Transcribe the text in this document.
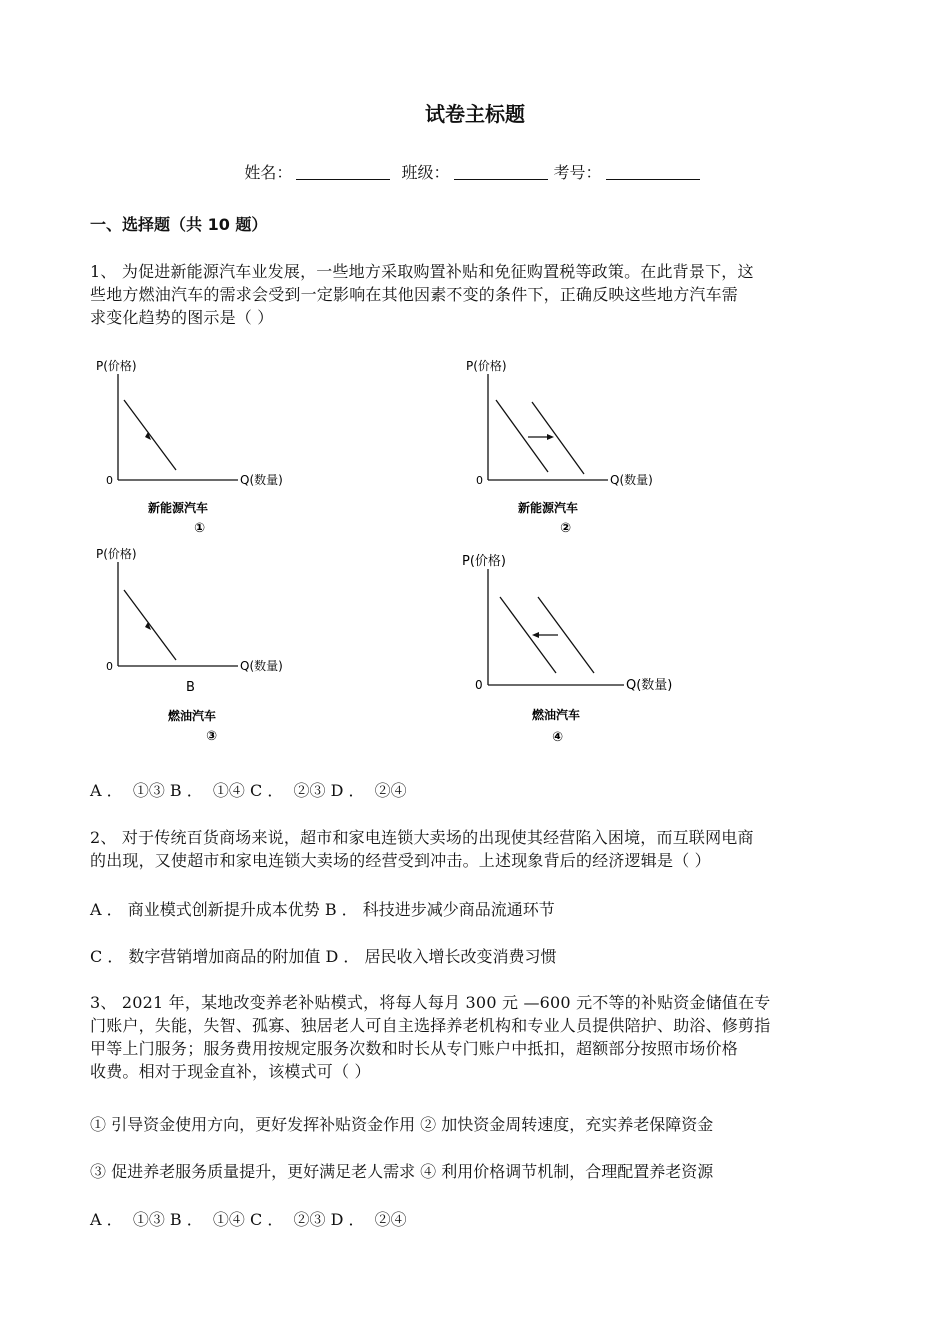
试卷主标题
姓名：	班级：	考号：
一、选择题（共 10 题）

1、 为促进新能源汽车业发展，一些地方采取购置补贴和免征购置税等政策。在此背景下，这

些地方燃油汽车的需求会受到一定影响在其他因素不变的条件下，正确反映这些地方汽车需

求变化趋势的图示是（ ）

P(价格)
0	Q(数量)
新能源汽车
①
P(价格)
0	Q(数量)
新能源汽车
②
P(价格)
0	Q(数量)
B
燃油汽车
③
P(价格)
0	Q(数量)
燃油汽车
④
A ．  ①③ B ．  ①④ C ．  ②③ D ．  ②④

2、 对于传统百货商场来说，超市和家电连锁大卖场的出现使其经营陷入困境，而互联网电商

的出现，又使超市和家电连锁大卖场的经营受到冲击。上述现象背后的经济逻辑是（ ）

A ． 商业模式创新提升成本优势 B ． 科技进步减少商品流通环节
C ． 数字营销增加商品的附加值 D ． 居民收入增长改变消费习惯

3、 2021 年，某地改变养老补贴模式，将每人每月 300 元 —600 元不等的补贴资金储值在专

门账户，失能，失智、孤寡、独居老人可自主选择养老机构和专业人员提供陪护、助浴、修剪指

甲等上门服务；服务费用按规定服务次数和时长从专门账户中抵扣，超额部分按照市场价格

收费。相对于现金直补，该模式可（ ）

① 引导资金使用方向，更好发挥补贴资金作用 ② 加快资金周转速度，充实养老保障资金
③ 促进养老服务质量提升，更好满足老人需求 ④ 利用价格调节机制，合理配置养老资源
A ．  ①③ B ．  ①④ C ．  ②③ D ．  ②④
